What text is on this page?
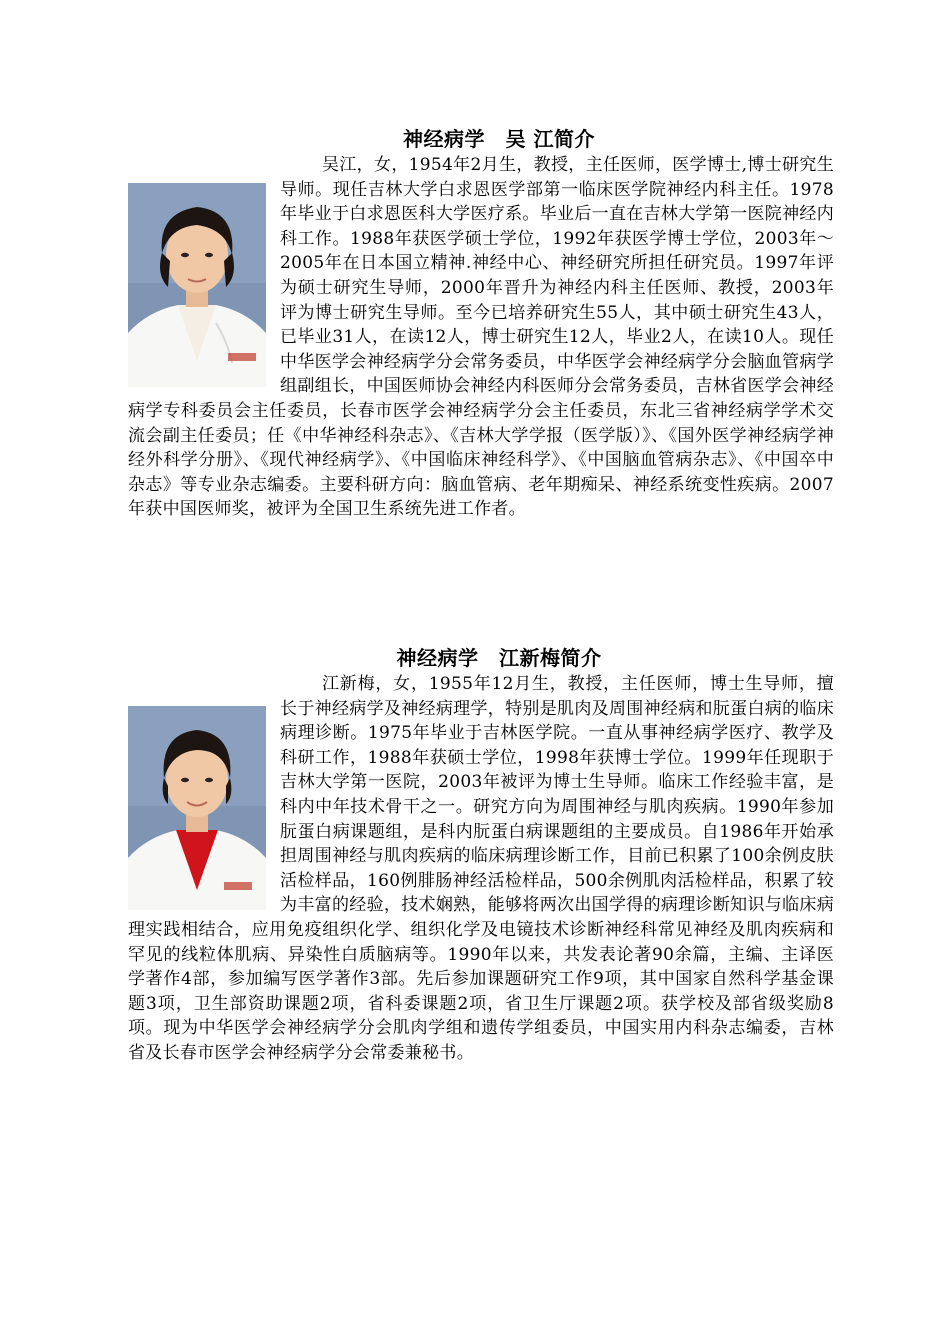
神经病学　吴 江简介

吴江，女，1954年2月生，教授，主任医师，医学博士,博士研究生导师。现任吉林大学白求恩医学部第一临床医学院神经内科主任。1978年毕业于白求恩医科大学医疗系。毕业后一直在吉林大学第一医院神经内科工作。1988年获医学硕士学位，1992年获医学博士学位，2003年～2005年在日本国立精神.神经中心、神经研究所担任研究员。1997年评为硕士研究生导师，2000年晋升为神经内科主任医师、教授，2003年评为博士研究生导师。至今已培养研究生55人，其中硕士研究生43人，已毕业31人，在读12人，博士研究生12人，毕业2人，在读10人。现任中华医学会神经病学分会常务委员，中华医学会神经病学分会脑血管病学组副组长，中国医师协会神经内科医师分会常务委员，吉林省医学会神经病学专科委员会主任委员，长春市医学会神经病学分会主任委员，东北三省神经病学学术交流会副主任委员；任《中华神经科杂志》、《吉林大学学报（医学版）》、《国外医学神经病学神经外科学分册》、《现代神经病学》、《中国临床神经科学》、《中国脑血管病杂志》、《中国卒中杂志》等专业杂志编委。主要科研方向：脑血管病、老年期痴呆、神经系统变性疾病。2007年获中国医师奖，被评为全国卫生系统先进工作者。

神经病学　江新梅简介

江新梅，女，1955年12月生，教授，主任医师，博士生导师，擅长于神经病学及神经病理学，特别是肌肉及周围神经病和朊蛋白病的临床病理诊断。1975年毕业于吉林医学院。一直从事神经病学医疗、教学及科研工作，1988年获硕士学位，1998年获博士学位。1999年任现职于吉林大学第一医院，2003年被评为博士生导师。临床工作经验丰富，是科内中年技术骨干之一。研究方向为周围神经与肌肉疾病。1990年参加朊蛋白病课题组，是科内朊蛋白病课题组的主要成员。自1986年开始承担周围神经与肌肉疾病的临床病理诊断工作，目前已积累了100余例皮肤活检样品，160例腓肠神经活检样品，500余例肌肉活检样品，积累了较为丰富的经验，技术娴熟，能够将两次出国学得的病理诊断知识与临床病理实践相结合，应用免疫组织化学、组织化学及电镜技术诊断神经科常见神经及肌肉疾病和罕见的线粒体肌病、异染性白质脑病等。1990年以来，共发表论著90余篇，主编、主译医学著作4部，参加编写医学著作3部。先后参加课题研究工作9项，其中国家自然科学基金课题3项，卫生部资助课题2项，省科委课题2项，省卫生厅课题2项。获学校及部省级奖励8项。现为中华医学会神经病学分会肌肉学组和遗传学组委员，中国实用内科杂志编委，吉林省及长春市医学会神经病学分会常委兼秘书。
